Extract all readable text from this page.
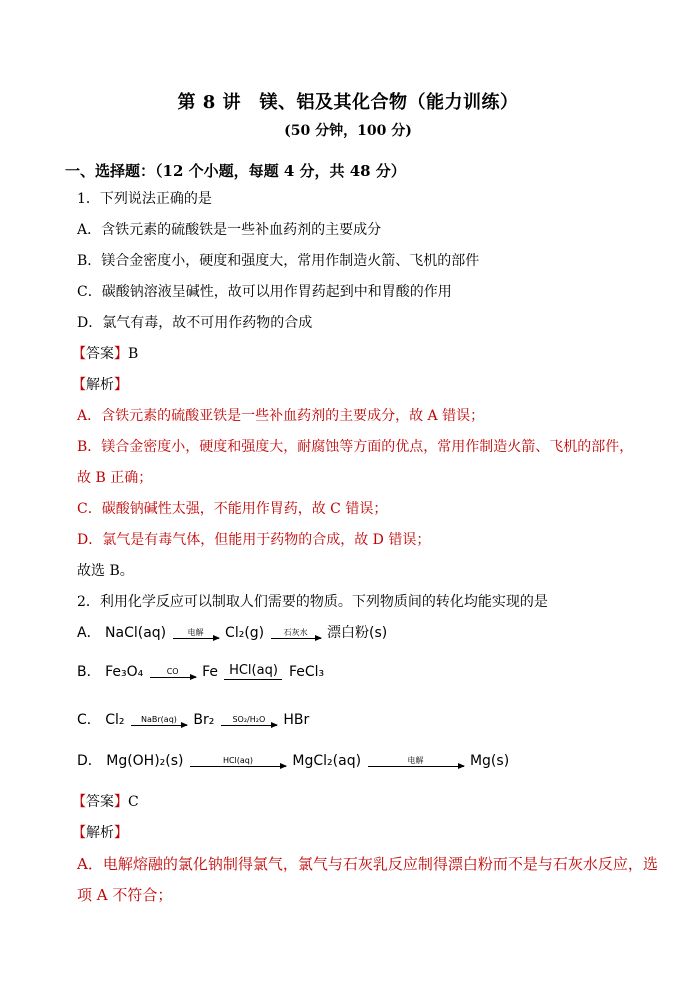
第 8 讲　镁、铝及其化合物（能力训练）
(50 分钟，100 分)
一、选择题：（12 个小题，每题 4 分，共 48 分）
1．下列说法正确的是
A．含铁元素的硫酸铁是一些补血药剂的主要成分
B．镁合金密度小，硬度和强度大，常用作制造火箭、飞机的部件
C．碳酸钠溶液呈碱性，故可以用作胃药起到中和胃酸的作用
D．氯气有毒，故不可用作药物的合成
【答案】B
【解析】
A．含铁元素的硫酸亚铁是一些补血药剂的主要成分，故 A 错误；
B．镁合金密度小，硬度和强度大，耐腐蚀等方面的优点，常用作制造火箭、飞机的部件，
故 B 正确；
C．碳酸钠碱性太强，不能用作胃药，故 C 错误；
D．氯气是有毒气体，但能用于药物的合成，故 D 错误；
故选 B。
2．利用化学反应可以制取人们需要的物质。下列物质间的转化均能实现的是
A． NaCl(aq)	电解	Cl₂(g)	石灰水	漂白粉(s)
B． Fe₃O₄	CO	Fe HCl(aq) FeCl₃
C． Cl₂	NaBr(aq)	Br₂	SO₂/H₂O	HBr
D． Mg(OH)₂(s)	HCl(aq)	MgCl₂(aq)	电解	Mg(s)
【答案】C
【解析】
A．电解熔融的氯化钠制得氯气，氯气与石灰乳反应制得漂白粉而不是与石灰水反应，选
项 A 不符合；
